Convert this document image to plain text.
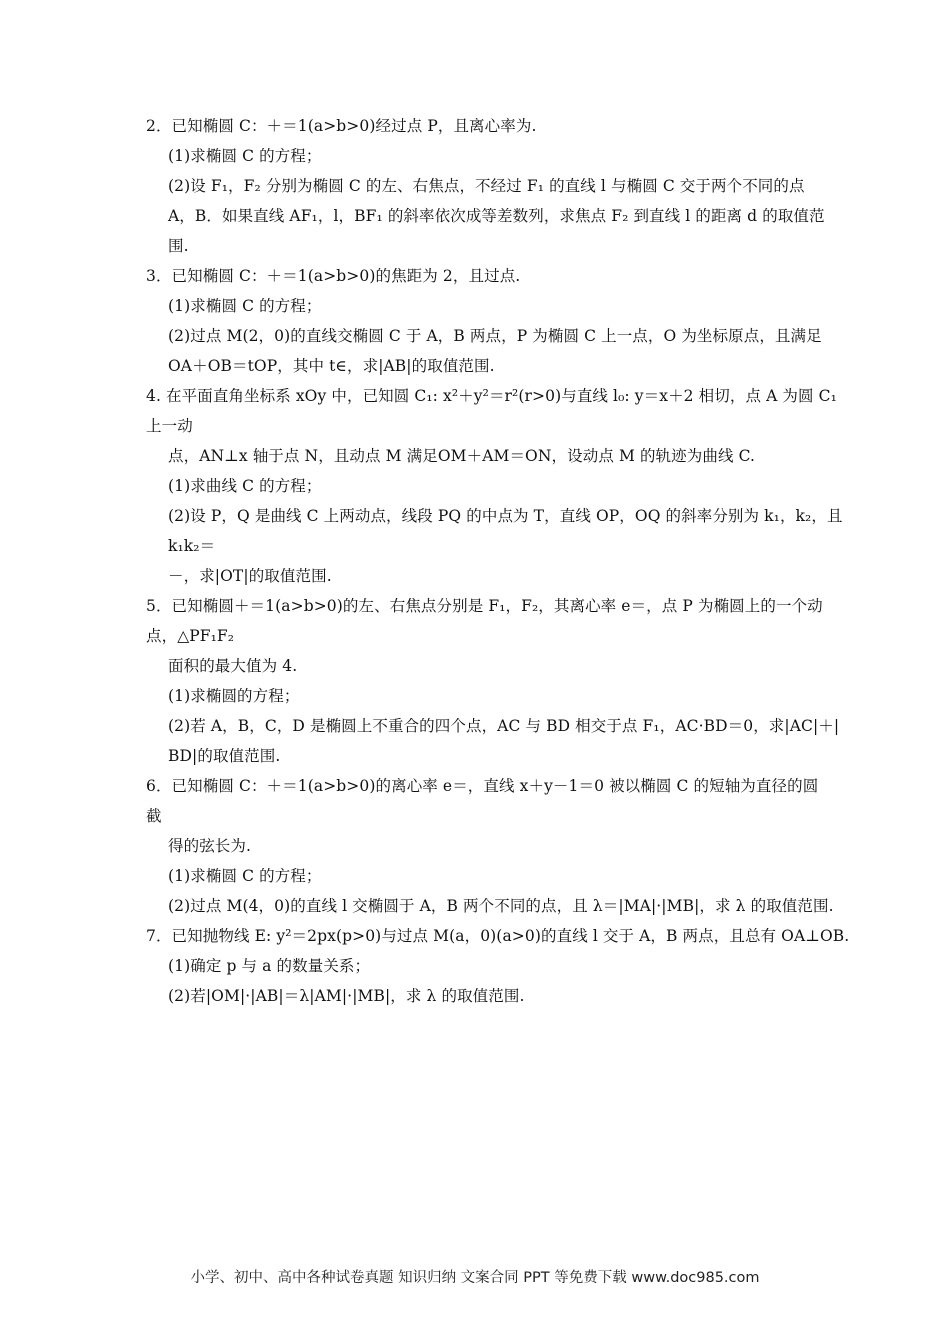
2．已知椭圆 C：＋＝1(a>b>0)经过点 P，且离心率为.
(1)求椭圆 C 的方程；
(2)设 F₁，F₂ 分别为椭圆 C 的左、右焦点，不经过 F₁ 的直线 l 与椭圆 C 交于两个不同的点
A，B．如果直线 AF₁，l，BF₁ 的斜率依次成等差数列，求焦点 F₂ 到直线 l 的距离 d 的取值范
围.
3．已知椭圆 C：＋＝1(a>b>0)的焦距为 2，且过点.
(1)求椭圆 C 的方程；
(2)过点 M(2，0)的直线交椭圆 C 于 A，B 两点，P 为椭圆 C 上一点，O 为坐标原点，且满足
OA＋OB＝tOP，其中 t∈，求|AB|的取值范围.
4. 在平面直角坐标系 xOy 中，已知圆 C₁: x²＋y²＝r²(r>0)与直线 l₀: y＝x＋2 相切，点 A 为圆 C₁
上一动
点，AN⊥x 轴于点 N，且动点 M 满足OM＋AM＝ON，设动点 M 的轨迹为曲线 C.
(1)求曲线 C 的方程；
(2)设 P，Q 是曲线 C 上两动点，线段 PQ 的中点为 T，直线 OP，OQ 的斜率分别为 k₁，k₂，且
k₁k₂＝
－，求|OT|的取值范围.
5．已知椭圆＋＝1(a>b>0)的左、右焦点分别是 F₁，F₂，其离心率 e＝，点 P 为椭圆上的一个动
点，△PF₁F₂
面积的最大值为 4.
(1)求椭圆的方程；
(2)若 A，B，C，D 是椭圆上不重合的四个点，AC 与 BD 相交于点 F₁，AC·BD＝0，求|AC|＋|
BD|的取值范围.
6．已知椭圆 C：＋＝1(a>b>0)的离心率 e＝，直线 x＋y－1＝0 被以椭圆 C 的短轴为直径的圆
截
得的弦长为.
(1)求椭圆 C 的方程；
(2)过点 M(4，0)的直线 l 交椭圆于 A，B 两个不同的点，且 λ＝|MA|·|MB|，求 λ 的取值范围.
7．已知抛物线 E: y²＝2px(p>0)与过点 M(a，0)(a>0)的直线 l 交于 A，B 两点，且总有 OA⊥OB.
(1)确定 p 与 a 的数量关系；
(2)若|OM|·|AB|＝λ|AM|·|MB|，求 λ 的取值范围.
小学、初中、高中各种试卷真题 知识归纳 文案合同 PPT 等免费下载 www.doc985.com
